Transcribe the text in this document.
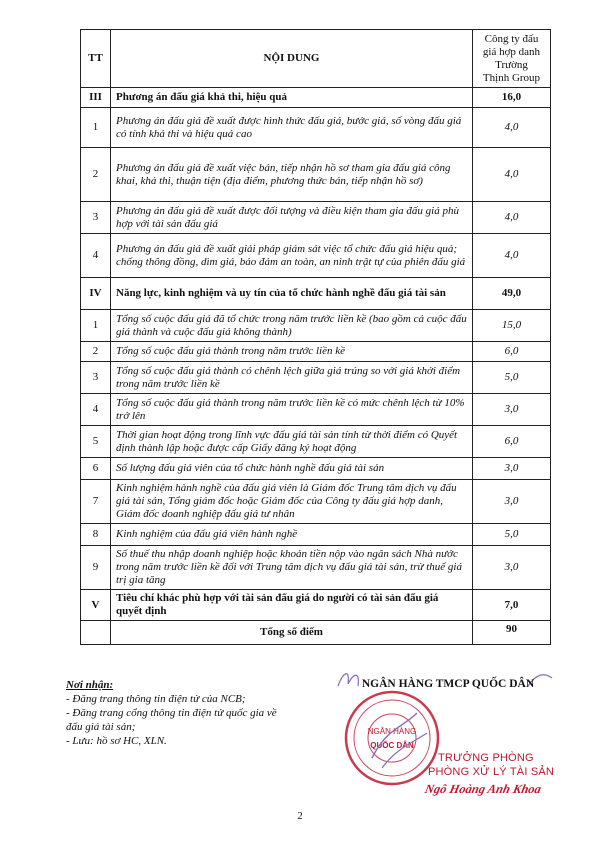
TT	NỘI DUNG	Công ty đấu
giá hợp danh
Trường
Thịnh Group

III	Phương án đấu giá khả thi, hiệu quả	16,0
1	Phương án đấu giá đề xuất được hình thức đấu giá, bước giá, số vòng đấu giá có tính khả thi và hiệu quả cao	4,0
2	Phương án đấu giá đề xuất việc bán, tiếp nhận hồ sơ tham gia đấu giá công khai, khả thi, thuận tiện (địa điểm, phương thức bán, tiếp nhận hồ sơ)	4,0
3	Phương án đấu giá đề xuất được đối tượng và điều kiện tham gia đấu giá phù hợp với tài sản đấu giá	4,0
4	Phương án đấu giá đề xuất giải pháp giám sát việc tổ chức đấu giá hiệu quả; chống thông đồng, dìm giá, bảo đảm an toàn, an ninh trật tự của phiên đấu giá	4,0
IV	Năng lực, kinh nghiệm và uy tín của tổ chức hành nghề đấu giá tài sản	49,0
1	Tổng số cuộc đấu giá đã tổ chức trong năm trước liền kề (bao gồm cả cuộc đấu giá thành và cuộc đấu giá không thành)	15,0
2	Tổng số cuộc đấu giá thành trong năm trước liền kề	6,0
3	Tổng số cuộc đấu giá thành có chênh lệch giữa giá trúng so với giá khởi điểm trong năm trước liền kề	5,0
4	Tổng số cuộc đấu giá thành trong năm trước liền kề có mức chênh lệch từ 10% trở lên	3,0
5	Thời gian hoạt động trong lĩnh vực đấu giá tài sản tính từ thời điểm có Quyết định thành lập hoặc được cấp Giấy đăng ký hoạt động	6,0
6	Số lượng đấu giá viên của tổ chức hành nghề đấu giá tài sản	3,0
7	Kinh nghiệm hành nghề của đấu giá viên là Giám đốc Trung tâm dịch vụ đấu giá tài sản, Tổng giám đốc hoặc Giám đốc của Công ty đấu giá hợp danh, Giám đốc doanh nghiệp đấu giá tư nhân	3,0
8	Kinh nghiệm của đấu giá viên hành nghề	5,0
9	Số thuế thu nhập doanh nghiệp hoặc khoản tiền nộp vào ngân sách Nhà nước trong năm trước liền kề đối với Trung tâm dịch vụ đấu giá tài sản, trừ thuế giá trị gia tăng	3,0
V	Tiêu chí khác phù hợp với tài sản đấu giá do người có tài sản đấu giá quyết định	7,0
	Tổng số điểm	90
Nơi nhận:
- Đăng trang thông tin điện tử của NCB;
- Đăng trang cổng thông tin điện tử quốc gia về đấu giá tài sản;
- Lưu: hồ sơ HC, XLN.
NGÂN HÀNG TMCP QUỐC DÂN
NGÂN HÀNG
QUỐC DÂN
TRƯỞNG PHÒNG
PHÒNG XỬ LÝ TÀI SẢN
Ngô Hoàng Anh Khoa
2
